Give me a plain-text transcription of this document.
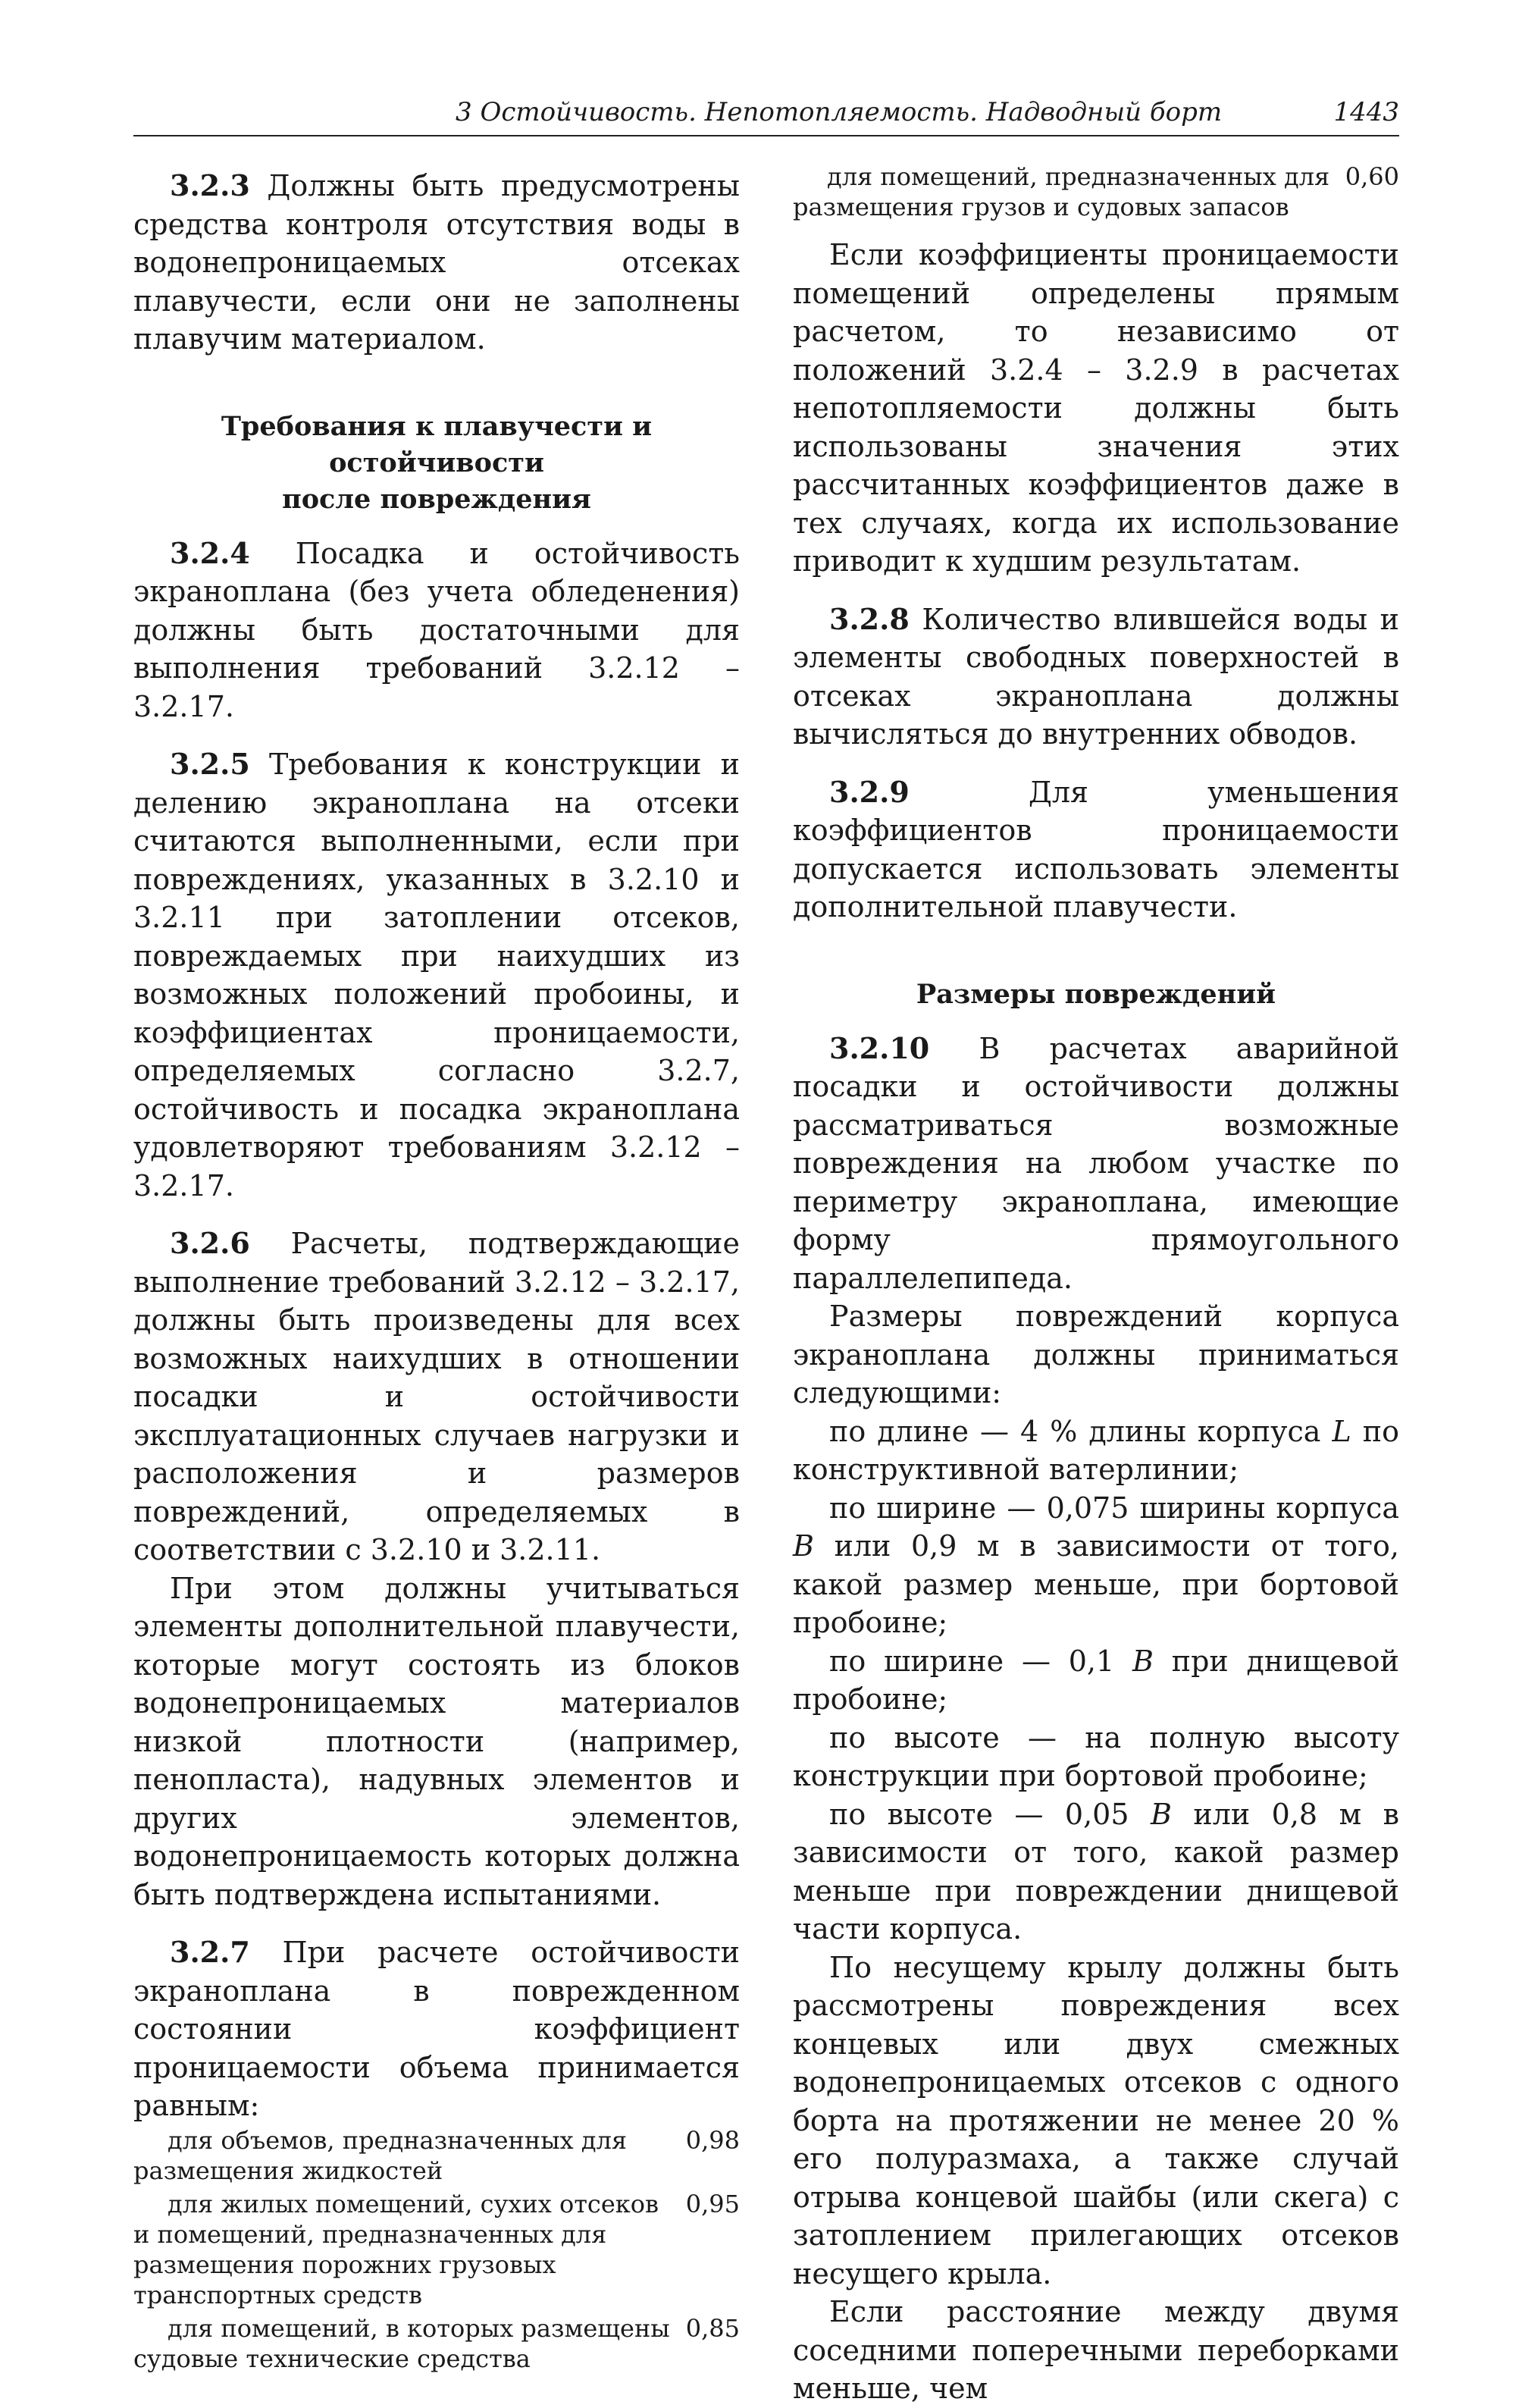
3 Остойчивость. Непотопляемость. Надводный борт	1443

3.2.3 Должны быть предусмотрены средства контроля отсутствия воды в водонепроницаемых отсеках плавучести, если они не заполнены плавучим материалом.

Требования к плавучести и остойчивости
после повреждения

3.2.4 Посадка и остойчивость экраноплана (без учета обледенения) должны быть достаточными для выполнения требований 3.2.12 – 3.2.17.

3.2.5 Требования к конструкции и делению экраноплана на отсеки считаются выполненными, если при повреждениях, указанных в 3.2.10 и 3.2.11 при затоплении отсеков, повреждаемых при наихудших из возможных положений пробоины, и коэффициентах проницаемости, определяемых согласно 3.2.7, остойчивость и посадка экраноплана удовлетворяют требованиям 3.2.12 – 3.2.17.

3.2.6 Расчеты, подтверждающие выполнение требований 3.2.12 – 3.2.17, должны быть произведены для всех возможных наихудших в отношении посадки и остойчивости эксплуатационных случаев нагрузки и расположения и размеров повреждений, определяемых в соответствии с 3.2.10 и 3.2.11.

При этом должны учитываться элементы дополнительной плавучести, которые могут состоять из блоков водонепроницаемых материалов низкой плотности (например, пенопласта), надувных элементов и других элементов, водонепроницаемость которых должна быть подтверждена испытаниями.

3.2.7 При расчете остойчивости экраноплана в поврежденном состоянии коэффициент проницаемости объема принимается равным:

для объемов, предназначенных для
размещения жидкостей
0,98
для жилых помещений, сухих отсеков
и помещений, предназначенных для размещения порожних грузовых транспортных средств
0,95
для помещений, в которых размещены
судовые технические средства
0,85
для помещений, предназначенных для
размещения грузов и судовых запасов
0,60

Если коэффициенты проницаемости помещений определены прямым расчетом, то независимо от положений 3.2.4 – 3.2.9 в расчетах непотопляемости должны быть использованы значения этих рассчитанных коэффициентов даже в тех случаях, когда их использование приводит к худшим результатам.

3.2.8 Количество влившейся воды и элементы свободных поверхностей в отсеках экраноплана должны вычисляться до внутренних обводов.

3.2.9 Для уменьшения коэффициентов проницаемости допускается использовать элементы дополнительной плавучести.

Размеры повреждений

3.2.10 В расчетах аварийной посадки и остойчивости должны рассматриваться возможные повреждения на любом участке по периметру экраноплана, имеющие форму прямоугольного параллелепипеда.

Размеры повреждений корпуса экраноплана должны приниматься следующими:

по длине — 4 % длины корпуса L по конструктивной ватерлинии;

по ширине — 0,075 ширины корпуса B или 0,9 м в зависимости от того, какой размер меньше, при бортовой пробоине;

по ширине — 0,1 B при днищевой пробоине;

по высоте — на полную высоту конструкции при бортовой пробоине;

по высоте — 0,05 B или 0,8 м в зависимости от того, какой размер меньше при повреждении днищевой части корпуса.

По несущему крылу должны быть рассмотрены повреждения всех концевых или двух смежных водонепроницаемых отсеков с одного борта на протяжении не менее 20 % его полуразмаха, а также случай отрыва концевой шайбы (или скега) с затоплением прилегающих отсеков несущего крыла.

Если расстояние между двумя соседними поперечными переборками меньше, чем
